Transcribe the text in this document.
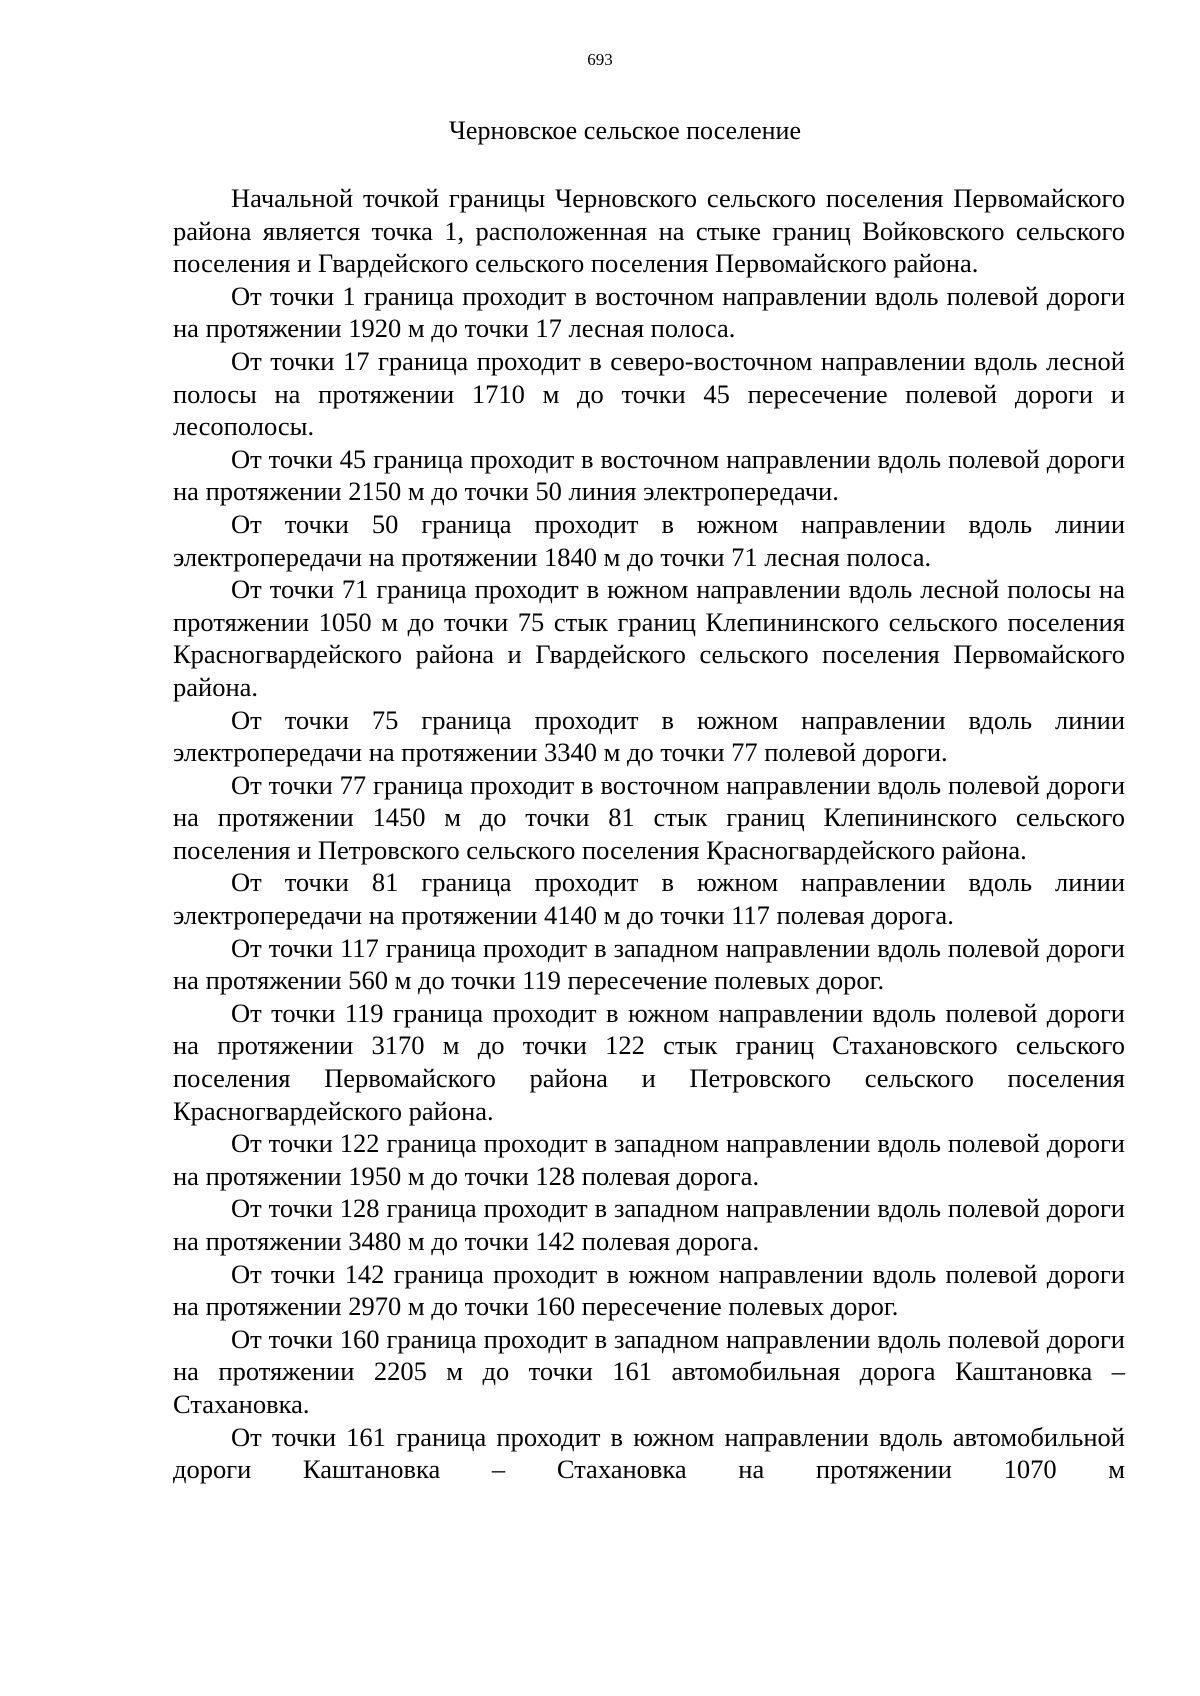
693
Черновское сельское поселение

Начальной точкой границы Черновского сельского поселения Первомайского района является точка 1, расположенная на стыке границ Войковского сельского поселения и Гвардейского сельского поселения Первомайского района.

От точки 1 граница проходит в восточном направлении вдоль полевой дороги на протяжении 1920 м до точки 17 лесная полоса.

От точки 17 граница проходит в северо-восточном направлении вдоль лесной полосы на протяжении 1710 м до точки 45 пересечение полевой дороги и лесополосы.

От точки 45 граница проходит в восточном направлении вдоль полевой дороги на протяжении 2150 м до точки 50 линия электропередачи.

От точки 50 граница проходит в южном направлении вдоль линии электропередачи на протяжении 1840 м до точки 71 лесная полоса.

От точки 71 граница проходит в южном направлении вдоль лесной полосы на протяжении 1050 м до точки 75 стык границ Клепининского сельского поселения Красногвардейского района и Гвардейского сельского поселения Первомайского района.

От точки 75 граница проходит в южном направлении вдоль линии электропередачи на протяжении 3340 м до точки 77 полевой дороги.

От точки 77 граница проходит в восточном направлении вдоль полевой дороги на протяжении 1450 м до точки 81 стык границ Клепининского сельского поселения и Петровского сельского поселения Красногвардейского района.

От точки 81 граница проходит в южном направлении вдоль линии электропередачи на протяжении 4140 м до точки 117 полевая дорога.

От точки 117 граница проходит в западном направлении вдоль полевой дороги на протяжении 560 м до точки 119 пересечение полевых дорог.

От точки 119 граница проходит в южном направлении вдоль полевой дороги на протяжении 3170 м до точки 122 стык границ Стахановского сельского поселения Первомайского района и Петровского сельского поселения Красногвардейского района.

От точки 122 граница проходит в западном направлении вдоль полевой дороги на протяжении 1950 м до точки 128 полевая дорога.

От точки 128 граница проходит в западном направлении вдоль полевой дороги на протяжении 3480 м до точки 142 полевая дорога.

От точки 142 граница проходит в южном направлении вдоль полевой дороги на протяжении 2970 м до точки 160 пересечение полевых дорог.

От точки 160 граница проходит в западном направлении вдоль полевой дороги на протяжении 2205 м до точки 161 автомобильная дорога Каштановка – Стахановка.

От точки 161 граница проходит в южном направлении вдоль автомобильной дороги Каштановка – Стахановка на протяжении 1070 м
